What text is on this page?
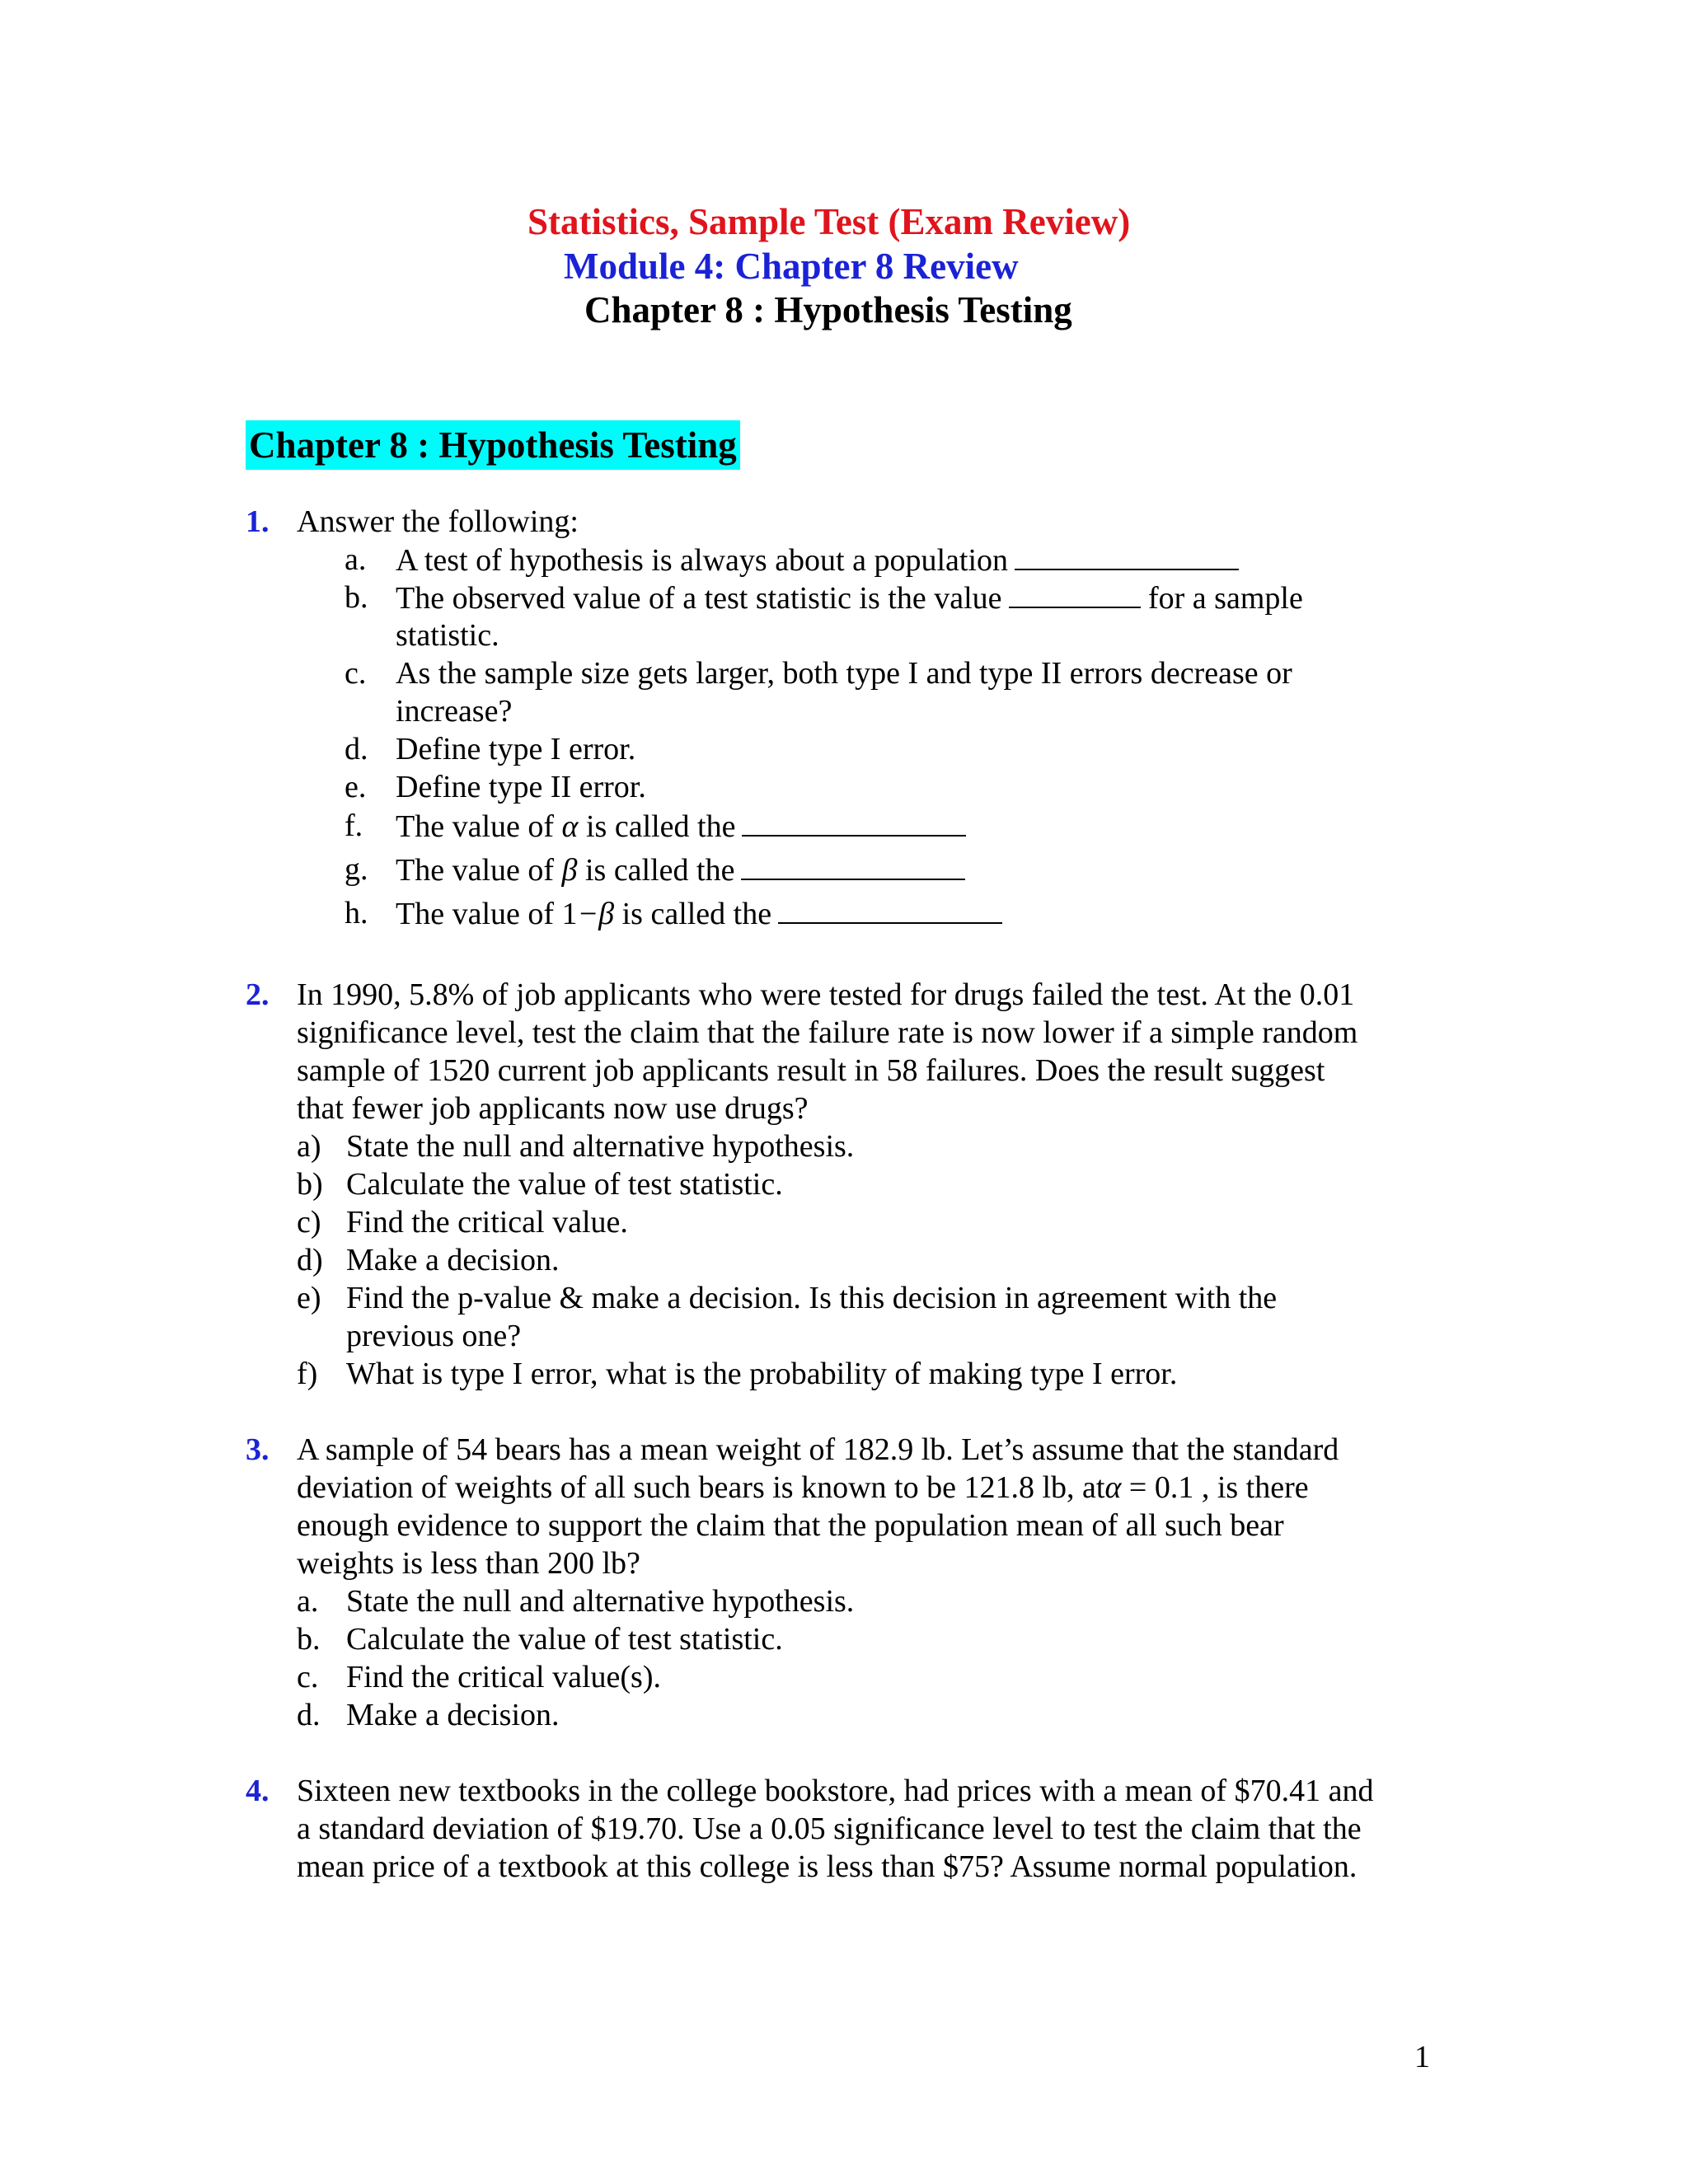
Statistics, Sample Test (Exam Review)
Module 4: Chapter 8 Review
Chapter 8 : Hypothesis Testing
Chapter 8 : Hypothesis Testing
1. Answer the following:
a. A test of hypothesis is always about a population
b. The observed value of a test statistic is the value	for a sample
statistic.
c. As the sample size gets larger, both type I and type II errors decrease or
increase?
d. Define type I error.
e. Define type II error.
f. The value of α is called the
g. The value of β is called the
h. The value of 1−β is called the
2. In 1990, 5.8% of job applicants who were tested for drugs failed the test. At the 0.01
significance level, test the claim that the failure rate is now lower if a simple random
sample of 1520 current job applicants result in 58 failures. Does the result suggest
that fewer job applicants now use drugs?
a) State the null and alternative hypothesis.
b) Calculate the value of test statistic.
c) Find the critical value.
d) Make a decision.
e) Find the p-value & make a decision. Is this decision in agreement with the
previous one?
f) What is type I error, what is the probability of making type I error.
3. A sample of 54 bears has a mean weight of 182.9 lb. Let’s assume that the standard
deviation of weights of all such bears is known to be 121.8 lb, atα = 0.1 , is there
enough evidence to support the claim that the population mean of all such bear
weights is less than 200 lb?
a. State the null and alternative hypothesis.
b. Calculate the value of test statistic.
c. Find the critical value(s).
d. Make a decision.
4. Sixteen new textbooks in the college bookstore, had prices with a mean of $70.41 and
a standard deviation of $19.70. Use a 0.05 significance level to test the claim that the
mean price of a textbook at this college is less than $75? Assume normal population.
1
